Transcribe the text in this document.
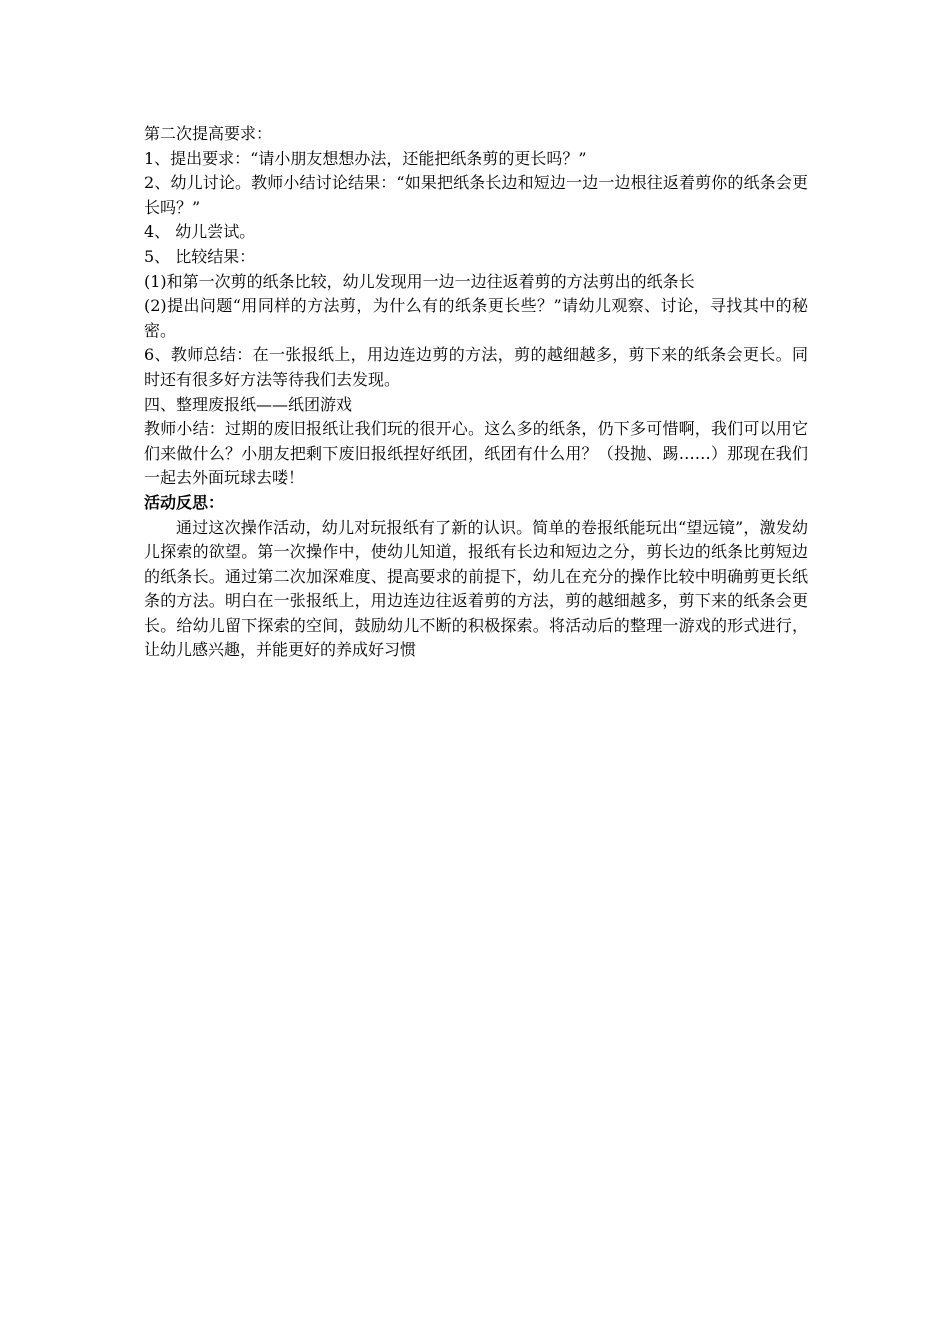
第二次提高要求：

1、提出要求：“请小朋友想想办法，还能把纸条剪的更长吗？”

2、幼儿讨论。教师小结讨论结果：“如果把纸条长边和短边一边一边根往返着剪你的纸条会更长吗？”

4、 幼儿尝试。

5、 比较结果：

(1)和第一次剪的纸条比较，幼儿发现用一边一边往返着剪的方法剪出的纸条长

(2)提出问题“用同样的方法剪，为什么有的纸条更长些？”请幼儿观察、讨论，寻找其中的秘密。

6、教师总结：在一张报纸上，用边连边剪的方法，剪的越细越多，剪下来的纸条会更长。同时还有很多好方法等待我们去发现。

四、整理废报纸——纸团游戏

教师小结：过期的废旧报纸让我们玩的很开心。这么多的纸条，仍下多可惜啊，我们可以用它们来做什么？小朋友把剩下废旧报纸捏好纸团，纸团有什么用？（投抛、踢……）那现在我们一起去外面玩球去喽！

活动反思：

通过这次操作活动，幼儿对玩报纸有了新的认识。简单的卷报纸能玩出“望远镜”，激发幼儿探索的欲望。第一次操作中，使幼儿知道，报纸有长边和短边之分，剪长边的纸条比剪短边的纸条长。通过第二次加深难度、提高要求的前提下，幼儿在充分的操作比较中明确剪更长纸条的方法。明白在一张报纸上，用边连边往返着剪的方法，剪的越细越多，剪下来的纸条会更长。给幼儿留下探索的空间，鼓励幼儿不断的积极探索。将活动后的整理一游戏的形式进行，让幼儿感兴趣，并能更好的养成好习惯
